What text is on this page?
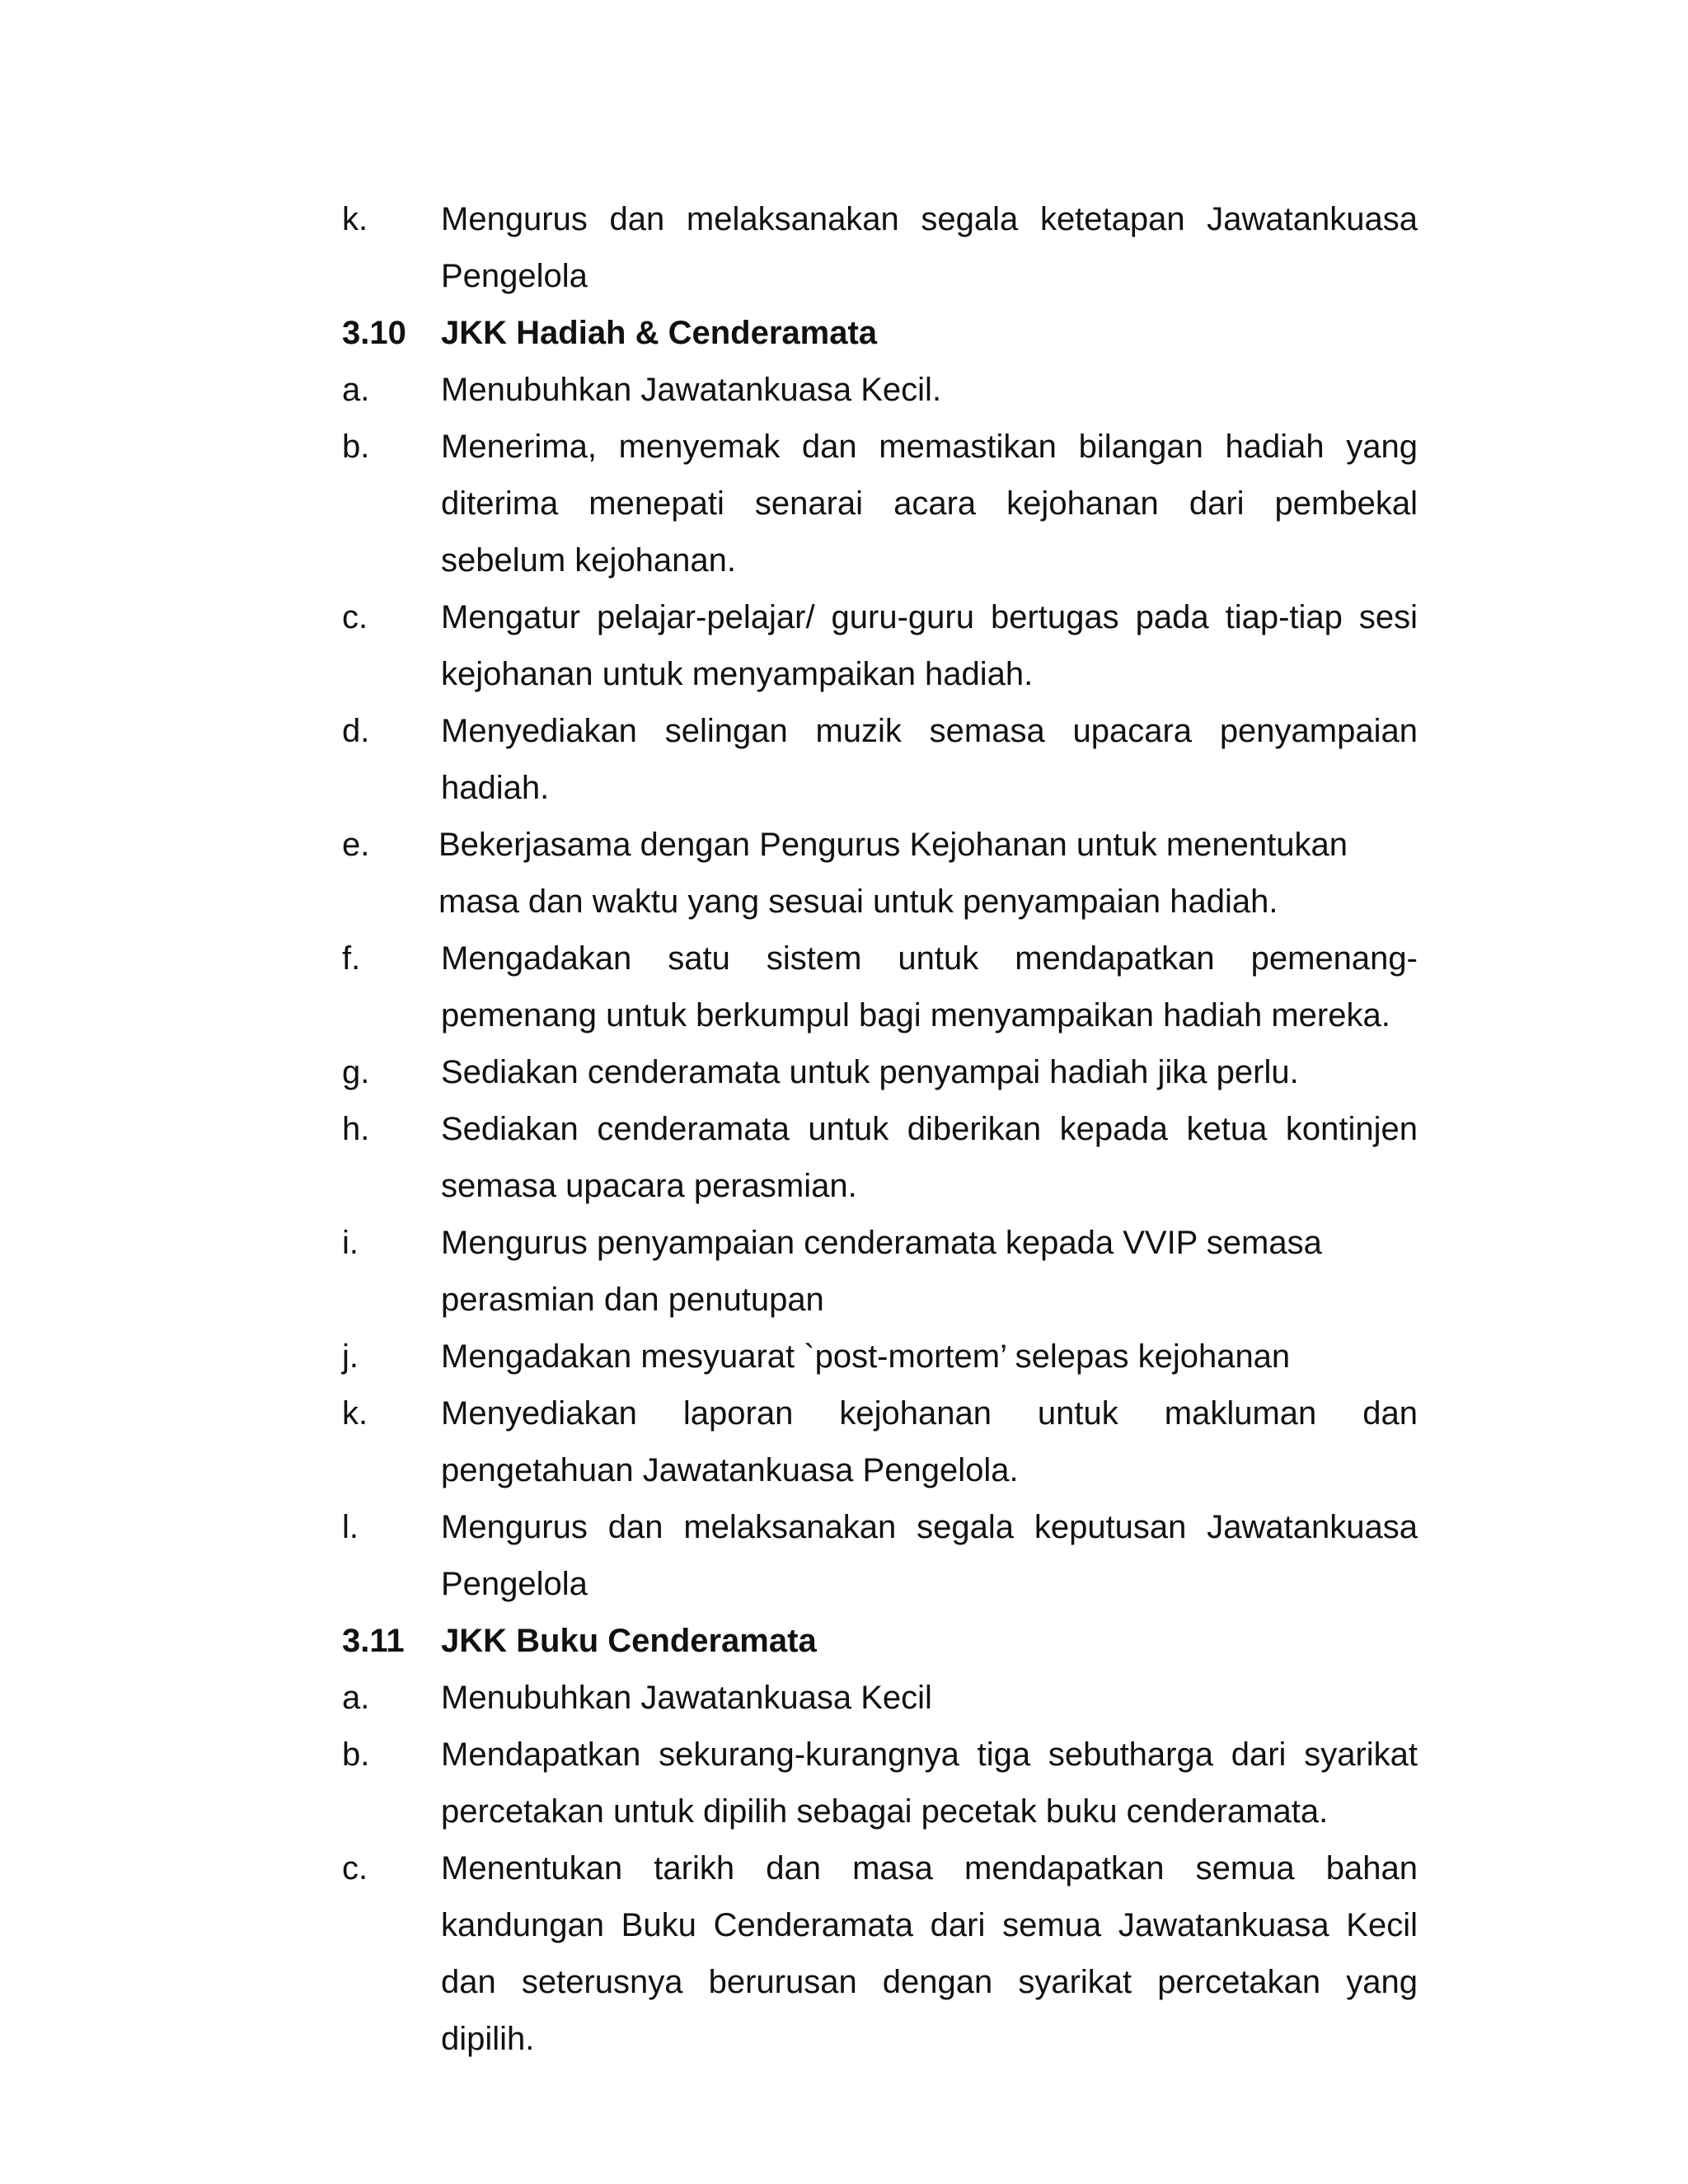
k.	Mengurus dan melaksanakan segala ketetapan Jawatankuasa Pengelola
3.10	JKK Hadiah & Cenderamata
a.	Menubuhkan Jawatankuasa Kecil.
b.	Menerima, menyemak dan memastikan bilangan hadiah yang diterima menepati senarai acara kejohanan dari pembekal sebelum kejohanan.
c.	Mengatur pelajar-pelajar/ guru-guru bertugas pada tiap-tiap sesi kejohanan untuk menyampaikan hadiah.
d.	Menyediakan selingan muzik semasa upacara penyampaian hadiah.
e.	Bekerjasama dengan Pengurus Kejohanan untuk menentukan masa dan waktu yang sesuai untuk penyampaian hadiah.
f.	Mengadakan satu sistem untuk mendapatkan pemenang-pemenang untuk berkumpul bagi menyampaikan hadiah mereka.
g.	Sediakan cenderamata untuk penyampai hadiah jika perlu.
h.	Sediakan cenderamata untuk diberikan kepada ketua kontinjen semasa upacara perasmian.
i.	Mengurus penyampaian cenderamata kepada VVIP semasa perasmian dan penutupan
j.	Mengadakan mesyuarat `post-mortem’ selepas kejohanan
k.	Menyediakan laporan kejohanan untuk makluman dan pengetahuan Jawatankuasa Pengelola.
l.	Mengurus dan melaksanakan segala keputusan Jawatankuasa Pengelola
3.11	JKK Buku Cenderamata
a.	Menubuhkan Jawatankuasa Kecil
b.	Mendapatkan sekurang-kurangnya tiga sebutharga dari syarikat percetakan untuk dipilih sebagai pecetak buku cenderamata.
c.	Menentukan tarikh dan masa mendapatkan semua bahan kandungan Buku Cenderamata dari semua Jawatankuasa Kecil dan seterusnya berurusan dengan syarikat percetakan yang dipilih.
